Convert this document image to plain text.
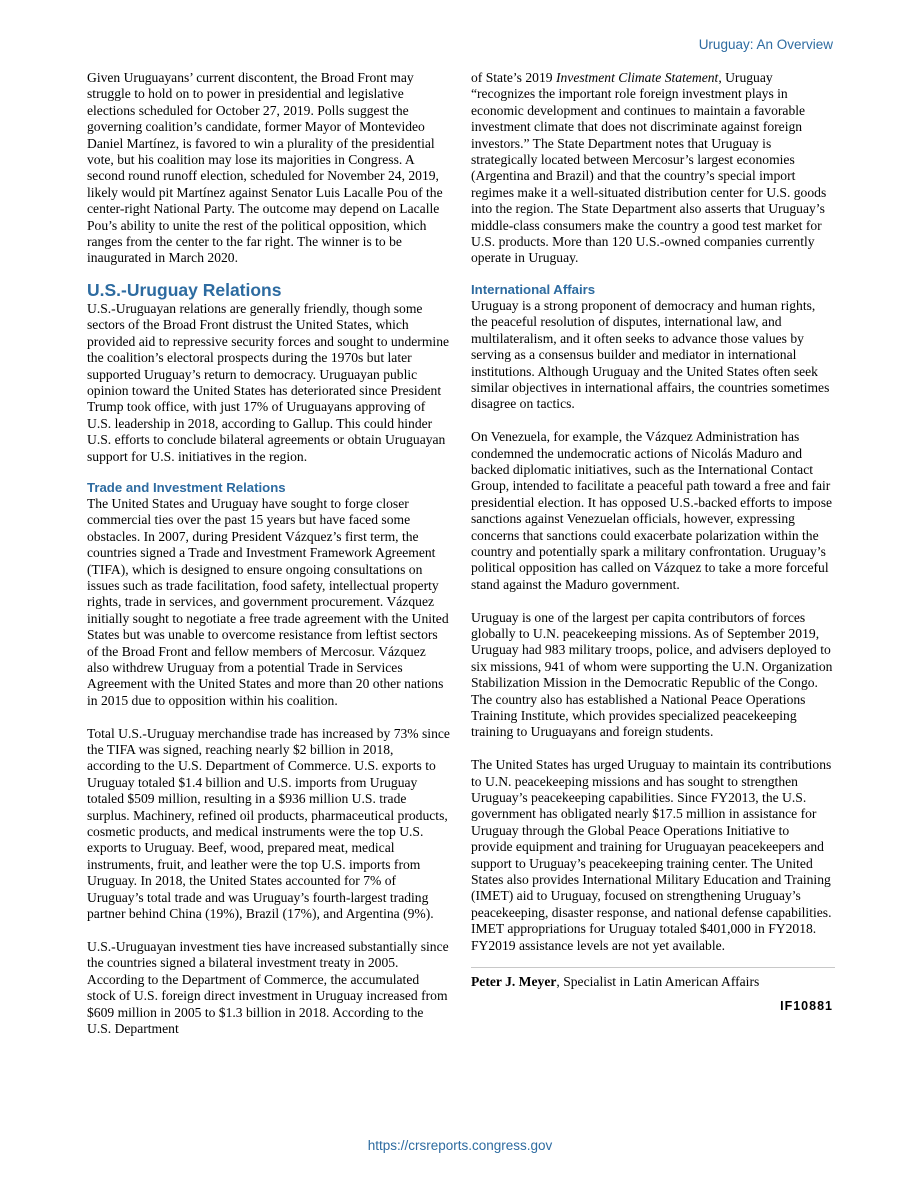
Uruguay: An Overview

Given Uruguayans’ current discontent, the Broad Front may struggle to hold on to power in presidential and legislative elections scheduled for October 27, 2019. Polls suggest the governing coalition’s candidate, former Mayor of Montevideo Daniel Martínez, is favored to win a plurality of the presidential vote, but his coalition may lose its majorities in Congress. A second round runoff election, scheduled for November 24, 2019, likely would pit Martínez against Senator Luis Lacalle Pou of the center-right National Party. The outcome may depend on Lacalle Pou’s ability to unite the rest of the political opposition, which ranges from the center to the far right. The winner is to be inaugurated in March 2020.

U.S.-Uruguay Relations

U.S.-Uruguayan relations are generally friendly, though some sectors of the Broad Front distrust the United States, which provided aid to repressive security forces and sought to undermine the coalition’s electoral prospects during the 1970s but later supported Uruguay’s return to democracy. Uruguayan public opinion toward the United States has deteriorated since President Trump took office, with just 17% of Uruguayans approving of U.S. leadership in 2018, according to Gallup. This could hinder U.S. efforts to conclude bilateral agreements or obtain Uruguayan support for U.S. initiatives in the region.

Trade and Investment Relations

The United States and Uruguay have sought to forge closer commercial ties over the past 15 years but have faced some obstacles. In 2007, during President Vázquez’s first term, the countries signed a Trade and Investment Framework Agreement (TIFA), which is designed to ensure ongoing consultations on issues such as trade facilitation, food safety, intellectual property rights, trade in services, and government procurement. Vázquez initially sought to negotiate a free trade agreement with the United States but was unable to overcome resistance from leftist sectors of the Broad Front and fellow members of Mercosur. Vázquez also withdrew Uruguay from a potential Trade in Services Agreement with the United States and more than 20 other nations in 2015 due to opposition within his coalition.

Total U.S.-Uruguay merchandise trade has increased by 73% since the TIFA was signed, reaching nearly $2 billion in 2018, according to the U.S. Department of Commerce. U.S. exports to Uruguay totaled $1.4 billion and U.S. imports from Uruguay totaled $509 million, resulting in a $936 million U.S. trade surplus. Machinery, refined oil products, pharmaceutical products, cosmetic products, and medical instruments were the top U.S. exports to Uruguay. Beef, wood, prepared meat, medical instruments, fruit, and leather were the top U.S. imports from Uruguay. In 2018, the United States accounted for 7% of Uruguay’s total trade and was Uruguay’s fourth-largest trading partner behind China (19%), Brazil (17%), and Argentina (9%).

U.S.-Uruguayan investment ties have increased substantially since the countries signed a bilateral investment treaty in 2005. According to the Department of Commerce, the accumulated stock of U.S. foreign direct investment in Uruguay increased from $609 million in 2005 to $1.3 billion in 2018. According to the U.S. Department

of State’s 2019 Investment Climate Statement, Uruguay “recognizes the important role foreign investment plays in economic development and continues to maintain a favorable investment climate that does not discriminate against foreign investors.” The State Department notes that Uruguay is strategically located between Mercosur’s largest economies (Argentina and Brazil) and that the country’s special import regimes make it a well-situated distribution center for U.S. goods into the region. The State Department also asserts that Uruguay’s middle-class consumers make the country a good test market for U.S. products. More than 120 U.S.-owned companies currently operate in Uruguay.

International Affairs

Uruguay is a strong proponent of democracy and human rights, the peaceful resolution of disputes, international law, and multilateralism, and it often seeks to advance those values by serving as a consensus builder and mediator in international institutions. Although Uruguay and the United States often seek similar objectives in international affairs, the countries sometimes disagree on tactics.

On Venezuela, for example, the Vázquez Administration has condemned the undemocratic actions of Nicolás Maduro and backed diplomatic initiatives, such as the International Contact Group, intended to facilitate a peaceful path toward a free and fair presidential election. It has opposed U.S.-backed efforts to impose sanctions against Venezuelan officials, however, expressing concerns that sanctions could exacerbate polarization within the country and potentially spark a military confrontation. Uruguay’s political opposition has called on Vázquez to take a more forceful stand against the Maduro government.

Uruguay is one of the largest per capita contributors of forces globally to U.N. peacekeeping missions. As of September 2019, Uruguay had 983 military troops, police, and advisers deployed to six missions, 941 of whom were supporting the U.N. Organization Stabilization Mission in the Democratic Republic of the Congo. The country also has established a National Peace Operations Training Institute, which provides specialized peacekeeping training to Uruguayans and foreign students.

The United States has urged Uruguay to maintain its contributions to U.N. peacekeeping missions and has sought to strengthen Uruguay’s peacekeeping capabilities. Since FY2013, the U.S. government has obligated nearly $17.5 million in assistance for Uruguay through the Global Peace Operations Initiative to provide equipment and training for Uruguayan peacekeepers and support to Uruguay’s peacekeeping training center. The United States also provides International Military Education and Training (IMET) aid to Uruguay, focused on strengthening Uruguay’s peacekeeping, disaster response, and national defense capabilities. IMET appropriations for Uruguay totaled $401,000 in FY2018. FY2019 assistance levels are not yet available.

Peter J. Meyer, Specialist in Latin American Affairs

IF10881
https://crsreports.congress.gov
